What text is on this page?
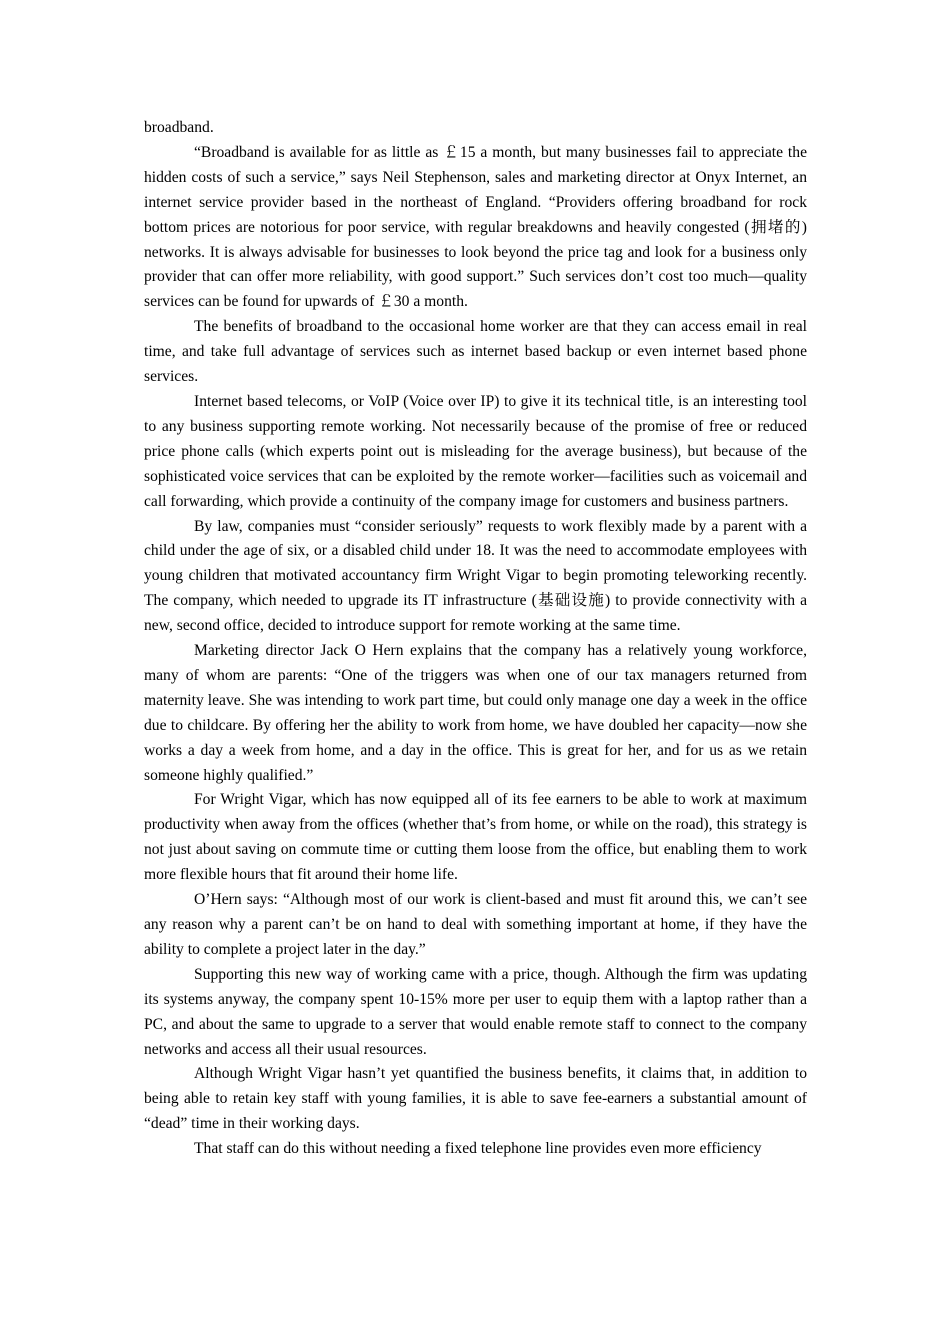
broadband.

“Broadband is available for as little as ￡15 a month, but many businesses fail to appreciate the hidden costs of such a service,” says Neil Stephenson, sales and marketing director at Onyx Internet, an internet service provider based in the northeast of England. “Providers offering broadband for rock bottom prices are notorious for poor service, with regular breakdowns and heavily congested (拥堵的) networks. It is always advisable for businesses to look beyond the price tag and look for a business only provider that can offer more reliability, with good support.” Such services don’t cost too much—quality services can be found for upwards of ￡30 a month.

The benefits of broadband to the occasional home worker are that they can access email in real time, and take full advantage of services such as internet based backup or even internet based phone services.

Internet based telecoms, or VoIP (Voice over IP) to give it its technical title, is an interesting tool to any business supporting remote working. Not necessarily because of the promise of free or reduced price phone calls (which experts point out is misleading for the average business), but because of the sophisticated voice services that can be exploited by the remote worker—facilities such as voicemail and call forwarding, which provide a continuity of the company image for customers and business partners.

By law, companies must “consider seriously” requests to work flexibly made by a parent with a child under the age of six, or a disabled child under 18. It was the need to accommodate employees with young children that motivated accountancy firm Wright Vigar to begin promoting teleworking recently. The company, which needed to upgrade its IT infrastructure (基础设施) to provide connectivity with a new, second office, decided to introduce support for remote working at the same time.

Marketing director Jack O Hern explains that the company has a relatively young workforce, many of whom are parents: “One of the triggers was when one of our tax managers returned from maternity leave. She was intending to work part time, but could only manage one day a week in the office due to childcare. By offering her the ability to work from home, we have doubled her capacity—now she works a day a week from home, and a day in the office. This is great for her, and for us as we retain someone highly qualified.”

For Wright Vigar, which has now equipped all of its fee earners to be able to work at maximum productivity when away from the offices (whether that’s from home, or while on the road), this strategy is not just about saving on commute time or cutting them loose from the office, but enabling them to work more flexible hours that fit around their home life.

O’Hern says: “Although most of our work is client-based and must fit around this, we can’t see any reason why a parent can’t be on hand to deal with something important at home, if they have the ability to complete a project later in the day.”

Supporting this new way of working came with a price, though. Although the firm was updating its systems anyway, the company spent 10-15% more per user to equip them with a laptop rather than a PC, and about the same to upgrade to a server that would enable remote staff to connect to the company networks and access all their usual resources.

Although Wright Vigar hasn’t yet quantified the business benefits, it claims that, in addition to being able to retain key staff with young families, it is able to save fee-earners a substantial amount of “dead” time in their working days.

That staff can do this without needing a fixed telephone line provides even more efficiency
